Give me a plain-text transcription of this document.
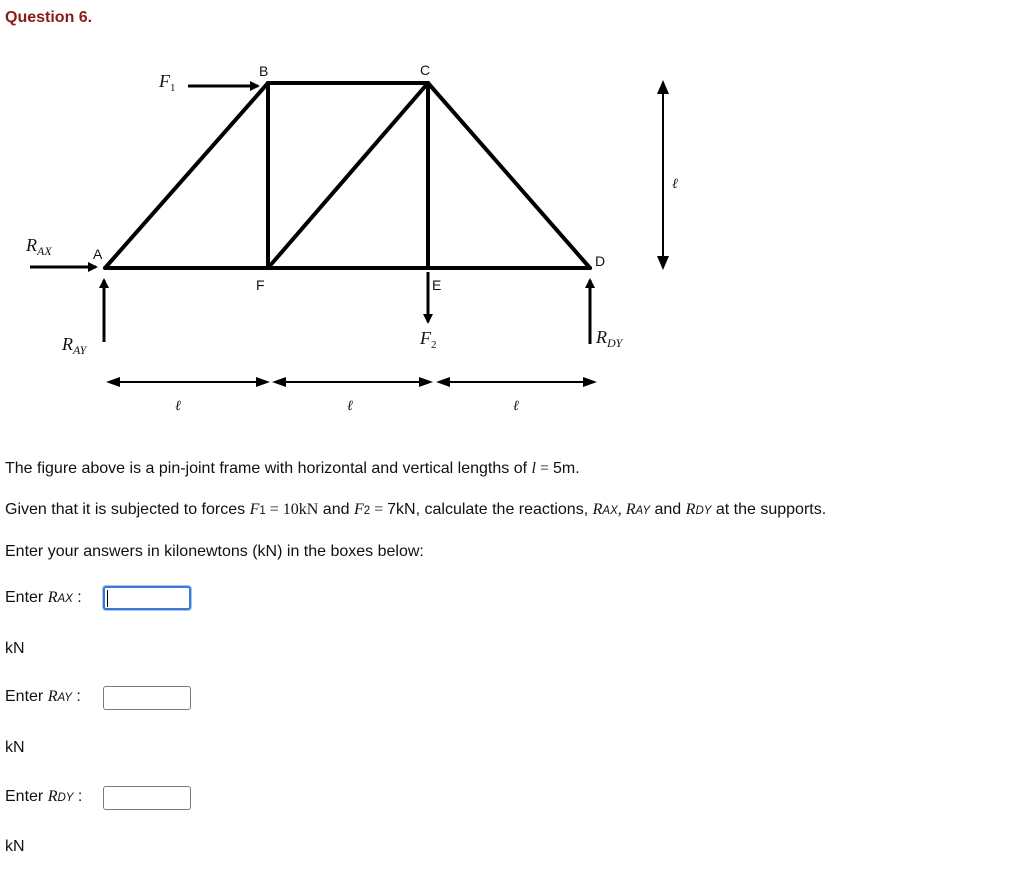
Question 6.
A
B	C
D
E
F
$F_1$
$R_{AX}$
$R_{AY}$
$F_2$	$R_{DY}$
ℓ
ℓ	ℓ	ℓ
The figure above is a pin-joint frame with horizontal and vertical lengths of l = 5m.
Given that it is subjected to forces F1 = 10kN and F2 = 7kN, calculate the reactions, RAX, RAY and RDY at the supports.
Enter your answers in kilonewtons (kN) in the boxes below:
Enter RAX :
kN
Enter RAY :
kN
Enter RDY :
kN
